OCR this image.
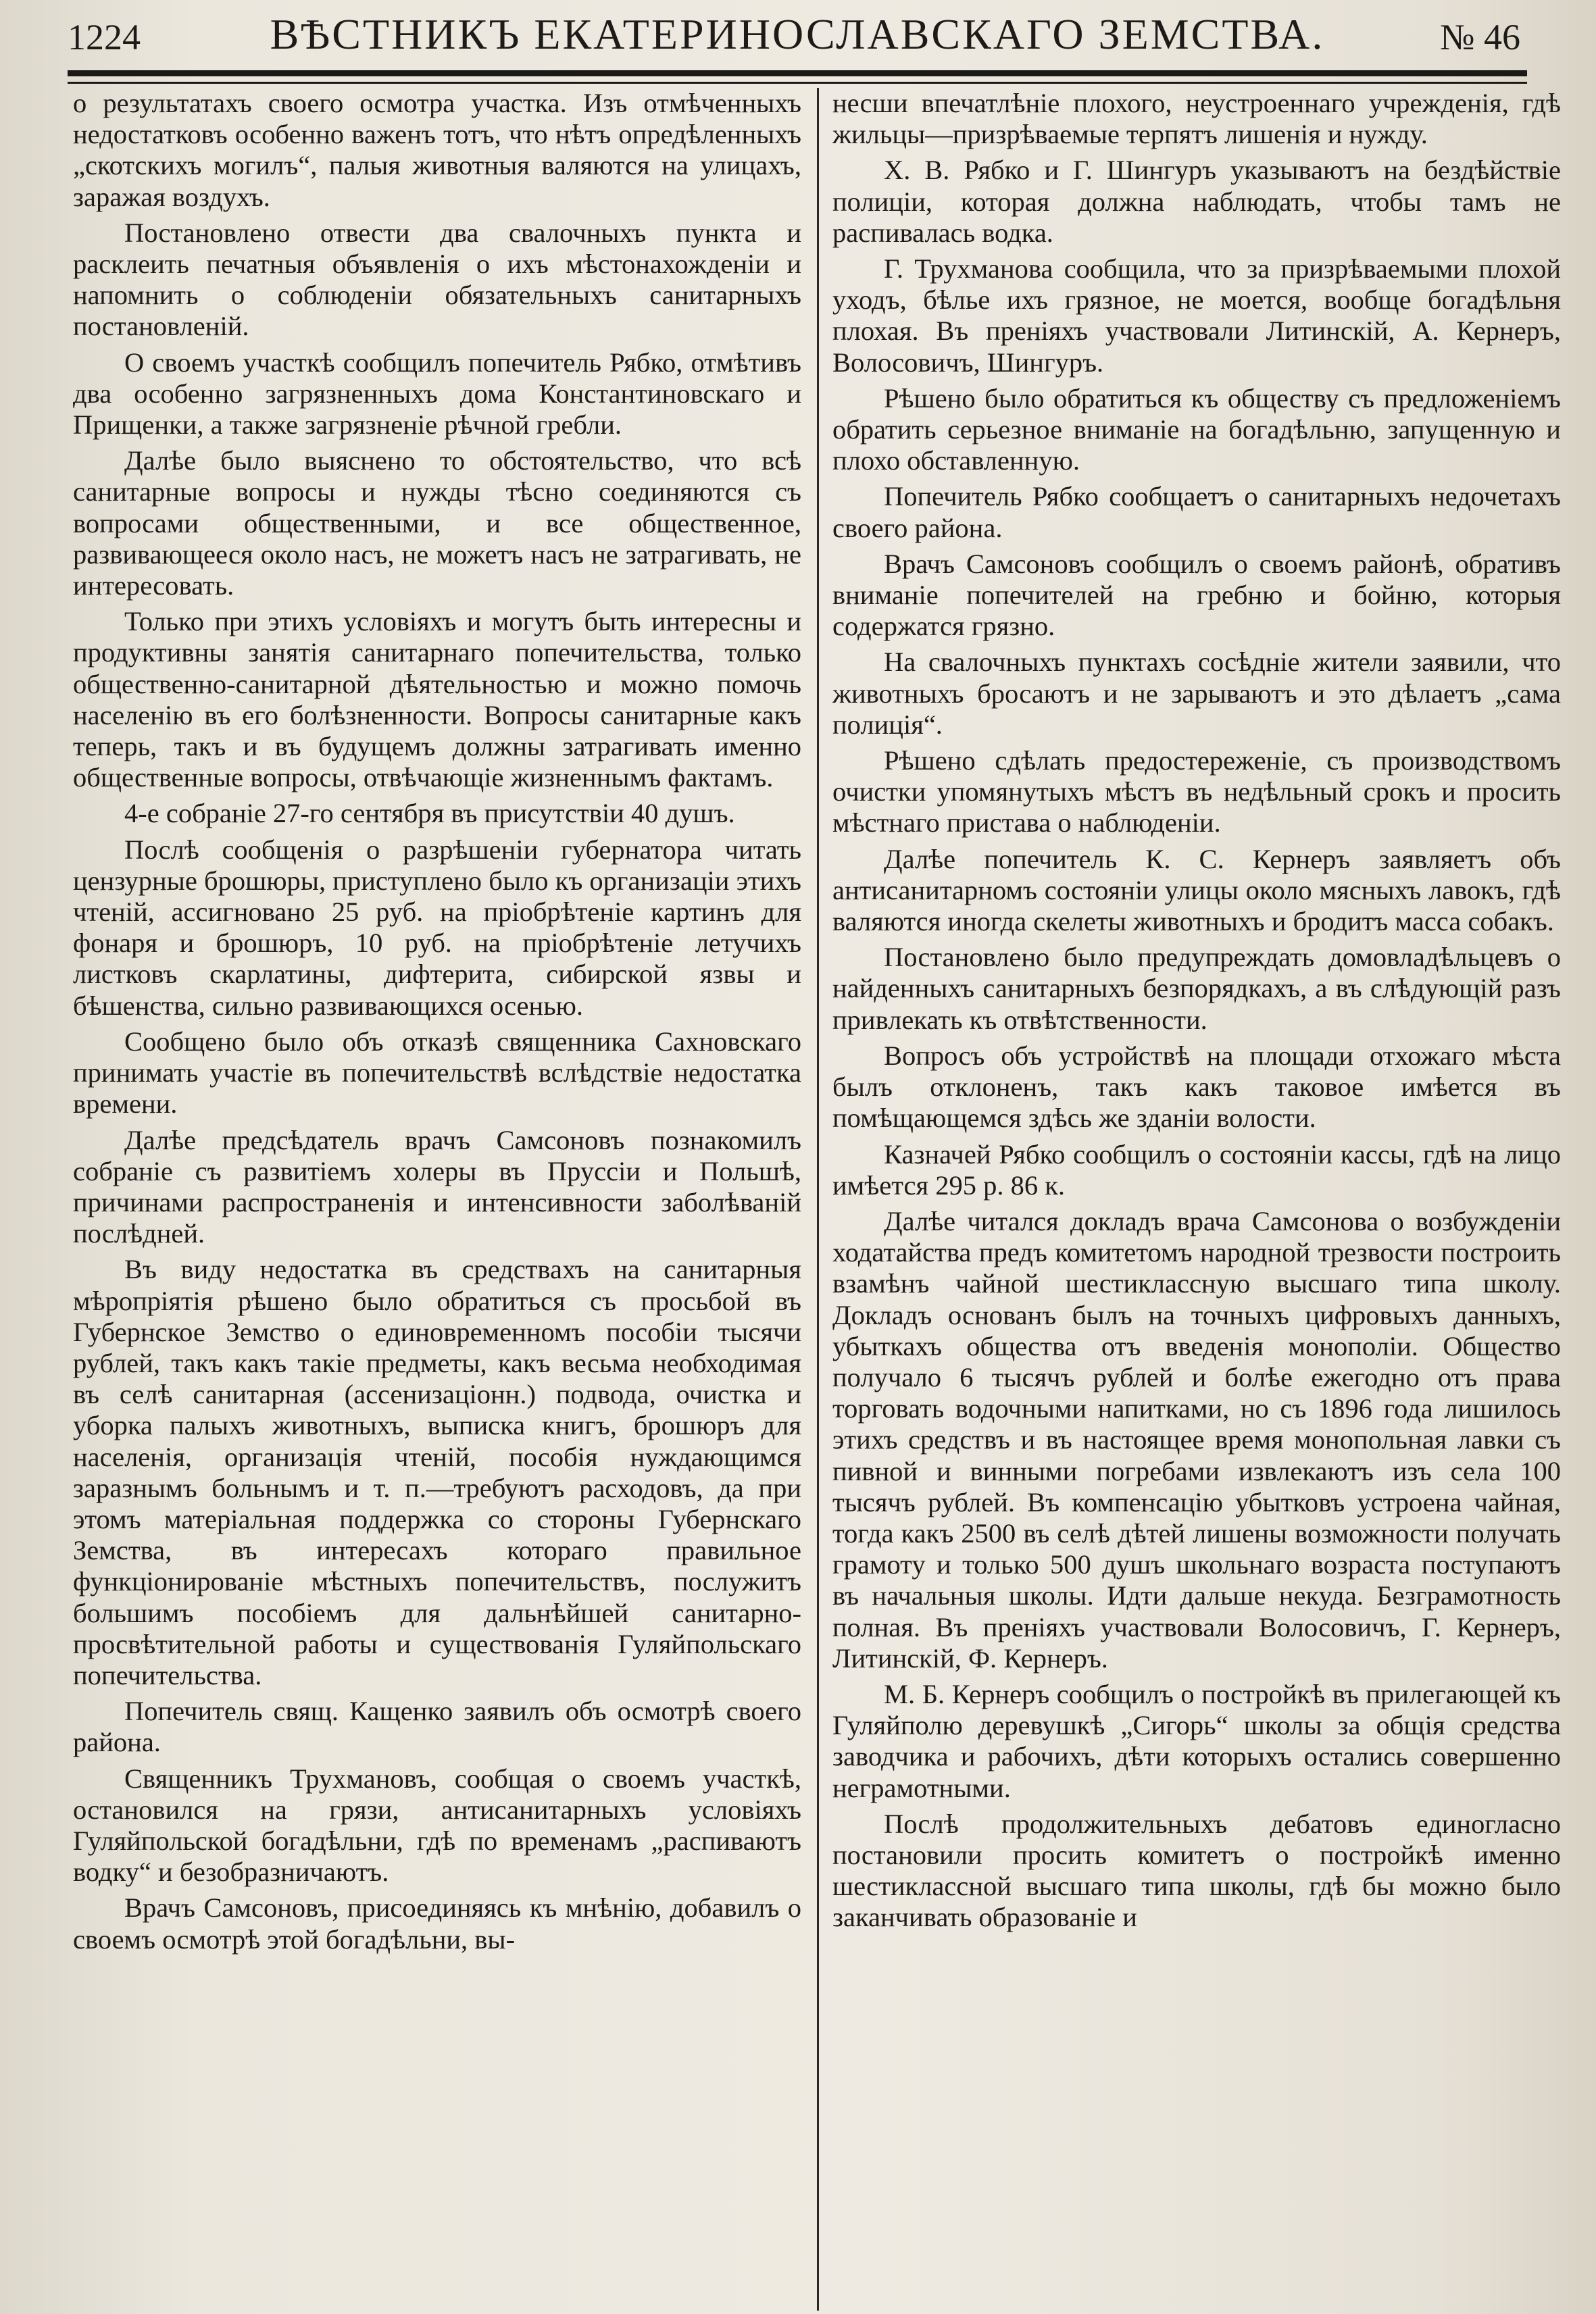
1224	ВѢСТНИКЪ ЕКАТЕРИНОСЛАВСКАГО ЗЕМСТВА.	№ 46

о результатахъ своего осмотра участка. Изъ отмѣченныхъ недостатковъ особенно важенъ тотъ, что нѣтъ опредѣленныхъ „скотскихъ могилъ“, палыя животныя валяются на улицахъ, заражая воздухъ.

Постановлено отвести два свалочныхъ пункта и расклеить печатныя объявленія о ихъ мѣстонахожденіи и напомнить о соблюденіи обязательныхъ санитарныхъ постановленій.

О своемъ участкѣ сообщилъ попечитель Рябко, отмѣтивъ два особенно загрязненныхъ дома Константиновскаго и Прищенки, а также загрязненіе рѣчной гребли.

Далѣе было выяснено то обстоятельство, что всѣ санитарные вопросы и нужды тѣсно соединяются съ вопросами общественными, и все общественное, развивающееся около насъ, не можетъ насъ не затрагивать, не интересовать.

Только при этихъ условіяхъ и могутъ быть интересны и продуктивны занятія санитарнаго попечительства, только общественно-санитарной дѣятельностью и можно помочь населенію въ его болѣзненности. Вопросы санитарные какъ теперь, такъ и въ будущемъ должны затрагивать именно общественные вопросы, отвѣчающіе жизненнымъ фактамъ.

4-е собраніе 27-го сентября въ присутствіи 40 душъ.

Послѣ сообщенія о разрѣшеніи губернатора читать цензурные брошюры, приступлено было къ организаціи этихъ чтеній, ассигновано 25 руб. на пріобрѣтеніе картинъ для фонаря и брошюръ, 10 руб. на пріобрѣтеніе летучихъ листковъ скарлатины, дифтерита, сибирской язвы и бѣшенства, сильно развивающихся осенью.

Сообщено было объ отказѣ священника Сахновскаго принимать участіе въ попечительствѣ вслѣдствіе недостатка времени.

Далѣе предсѣдатель врачъ Самсоновъ познакомилъ собраніе съ развитіемъ холеры въ Пруссіи и Польшѣ, причинами распространенія и интенсивности заболѣваній послѣдней.

Въ виду недостатка въ средствахъ на санитарныя мѣропріятія рѣшено было обратиться съ просьбой въ Губернское Земство о единовременномъ пособіи тысячи рублей, такъ какъ такіе предметы, какъ весьма необходимая въ селѣ санитарная (ассенизаціонн.) подвода, очистка и уборка палыхъ животныхъ, выписка книгъ, брошюръ для населенія, организація чтеній, пособія нуждающимся заразнымъ больнымъ и т. п.—требуютъ расходовъ, да при этомъ матеріальная поддержка со стороны Губернскаго Земства, въ интересахъ котораго правильное функціонированіе мѣстныхъ попечительствъ, послужитъ большимъ пособіемъ для дальнѣйшей санитарно-просвѣтительной работы и существованія Гуляйпольскаго попечительства.

Попечитель свящ. Кащенко заявилъ объ осмотрѣ своего района.

Священникъ Трухмановъ, сообщая о своемъ участкѣ, остановился на грязи, антисанитарныхъ условіяхъ Гуляйпольской богадѣльни, гдѣ по временамъ „распиваютъ водку“ и безобразничаютъ.

Врачъ Самсоновъ, присоединяясь къ мнѣнію, добавилъ о своемъ осмотрѣ этой богадѣльни, вы-

несши впечатлѣніе плохого, неустроеннаго учрежденія, гдѣ жильцы—призрѣваемые терпятъ лишенія и нужду.

Х. В. Рябко и Г. Шингуръ указываютъ на бездѣйствіе полиціи, которая должна наблюдать, чтобы тамъ не распивалась водка.

Г. Трухманова сообщила, что за призрѣваемыми плохой уходъ, бѣлье ихъ грязное, не моется, вообще богадѣльня плохая. Въ преніяхъ участвовали Литинскій, А. Кернеръ, Волосовичъ, Шингуръ.

Рѣшено было обратиться къ обществу съ предложеніемъ обратить серьезное вниманіе на богадѣльню, запущенную и плохо обставленную.

Попечитель Рябко сообщаетъ о санитарныхъ недочетахъ своего района.

Врачъ Самсоновъ сообщилъ о своемъ районѣ, обративъ вниманіе попечителей на гребню и бойню, которыя содержатся грязно.

На свалочныхъ пунктахъ сосѣдніе жители заявили, что животныхъ бросаютъ и не зарываютъ и это дѣлаетъ „сама полиція“.

Рѣшено сдѣлать предостереженіе, съ производствомъ очистки упомянутыхъ мѣстъ въ недѣльный срокъ и просить мѣстнаго пристава о наблюденіи.

Далѣе попечитель К. С. Кернеръ заявляетъ объ антисанитарномъ состояніи улицы около мясныхъ лавокъ, гдѣ валяются иногда скелеты животныхъ и бродитъ масса собакъ.

Постановлено было предупреждать домовладѣльцевъ о найденныхъ санитарныхъ безпорядкахъ, а въ слѣдующій разъ привлекать къ отвѣтственности.

Вопросъ объ устройствѣ на площади отхожаго мѣста былъ отклоненъ, такъ какъ таковое имѣется въ помѣщающемся здѣсь же зданіи волости.

Казначей Рябко сообщилъ о состояніи кассы, гдѣ на лицо имѣется 295 р. 86 к.

Далѣе читался докладъ врача Самсонова о возбужденіи ходатайства предъ комитетомъ народной трезвости построить взамѣнъ чайной шестиклассную высшаго типа школу. Докладъ основанъ былъ на точныхъ цифровыхъ данныхъ, убыткахъ общества отъ введенія монополіи. Общество получало 6 тысячъ рублей и болѣе ежегодно отъ права торговать водочными напитками, но съ 1896 года лишилось этихъ средствъ и въ настоящее время монопольная лавки съ пивной и винными погребами извлекаютъ изъ села 100 тысячъ рублей. Въ компенсацію убытковъ устроена чайная, тогда какъ 2500 въ селѣ дѣтей лишены возможности получать грамоту и только 500 душъ школьнаго возраста поступаютъ въ начальныя школы. Идти дальше некуда. Безграмотность полная. Въ преніяхъ участвовали Волосовичъ, Г. Кернеръ, Литинскій, Ф. Кернеръ.

М. Б. Кернеръ сообщилъ о постройкѣ въ прилегающей къ Гуляйполю деревушкѣ „Сигорь“ школы за общія средства заводчика и рабочихъ, дѣти которыхъ остались совершенно неграмотными.

Послѣ продолжительныхъ дебатовъ единогласно постановили просить комитетъ о постройкѣ именно шестиклассной высшаго типа школы, гдѣ бы можно было заканчивать образованіе и
